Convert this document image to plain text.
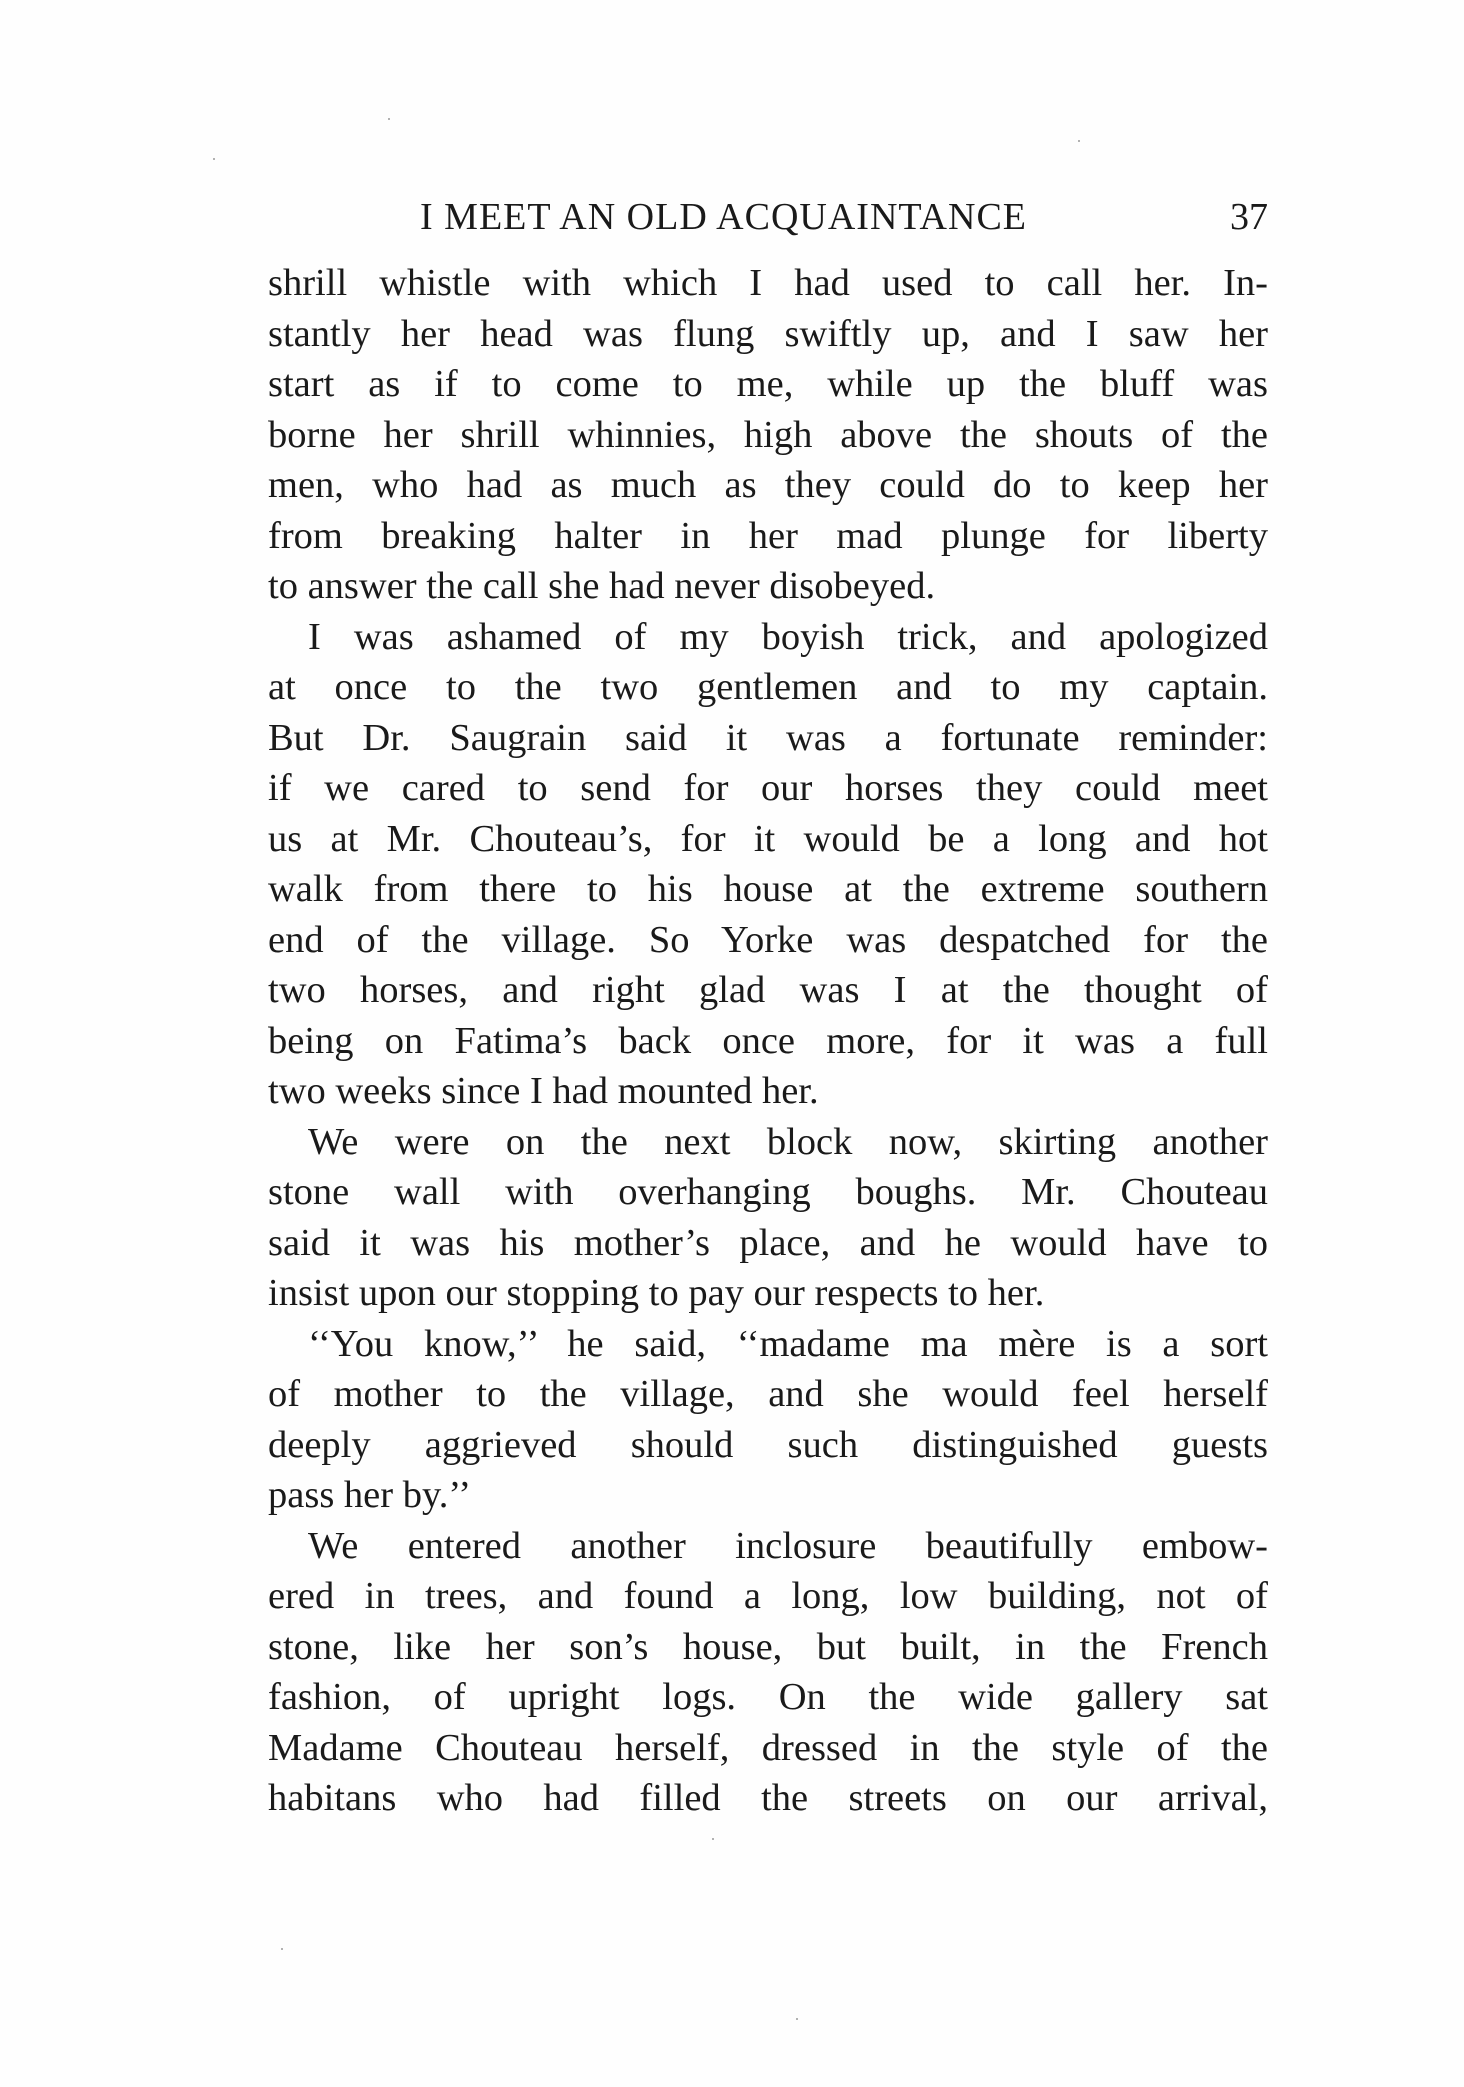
I MEET AN OLD ACQUAINTANCE	37
shrill whistle with which I had used to call her. In-
stantly her head was flung swiftly up, and I saw her
start as if to come to me, while up the bluff was
borne her shrill whinnies, high above the shouts of the
men, who had as much as they could do to keep her
from breaking halter in her mad plunge for liberty
to answer the call she had never disobeyed.
I was ashamed of my boyish trick, and apologized
at once to the two gentlemen and to my captain.
But Dr. Saugrain said it was a fortunate reminder:
if we cared to send for our horses they could meet
us at Mr. Chouteau’s, for it would be a long and hot
walk from there to his house at the extreme southern
end of the village. So Yorke was despatched for the
two horses, and right glad was I at the thought of
being on Fatima’s back once more, for it was a full
two weeks since I had mounted her.
We were on the next block now, skirting another
stone wall with overhanging boughs. Mr. Chouteau
said it was his mother’s place, and he would have to
insist upon our stopping to pay our respects to her.
‘‘You know,’’ he said, ‘‘madame ma mère is a sort
of mother to the village, and she would feel herself
deeply aggrieved should such distinguished guests
pass her by.’’
We entered another inclosure beautifully embow-
ered in trees, and found a long, low building, not of
stone, like her son’s house, but built, in the French
fashion, of upright logs. On the wide gallery sat
Madame Chouteau herself, dressed in the style of the
habitans who had filled the streets on our arrival,
